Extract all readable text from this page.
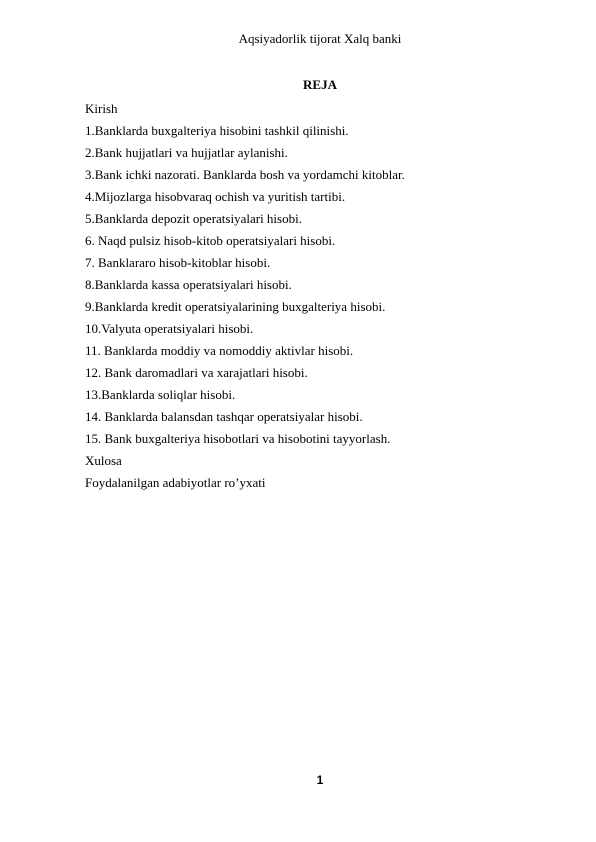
Aqsiyadorlik tijorat Xalq banki
REJA
Kirish
1.Banklarda buxgalteriya hisobini tashkil qilinishi.
2.Bank hujjatlari va hujjatlar aylanishi.
3.Bank ichki nazorati. Banklarda bosh va yordamchi kitoblar.
4.Mijozlarga hisobvaraq ochish va yuritish tartibi.
5.Banklarda depozit operatsiyalari hisobi.
6. Naqd pulsiz hisob-kitob operatsiyalari hisobi.
7. Banklararo hisob-kitoblar hisobi.
8.Banklarda kassa operatsiyalari hisobi.
9.Banklarda kredit operatsiyalarining buxgalteriya hisobi.
10.Valyuta operatsiyalari hisobi.
11. Banklarda moddiy va nomoddiy aktivlar hisobi.
12. Bank daromadlari va xarajatlari hisobi.
13.Banklarda soliqlar hisobi.
14. Banklarda balansdan tashqar operatsiyalar hisobi.
15. Bank buxgalteriya hisobotlari va hisobotini tayyorlash.
Xulosa
Foydalanilgan adabiyotlar ro’yxati
1
